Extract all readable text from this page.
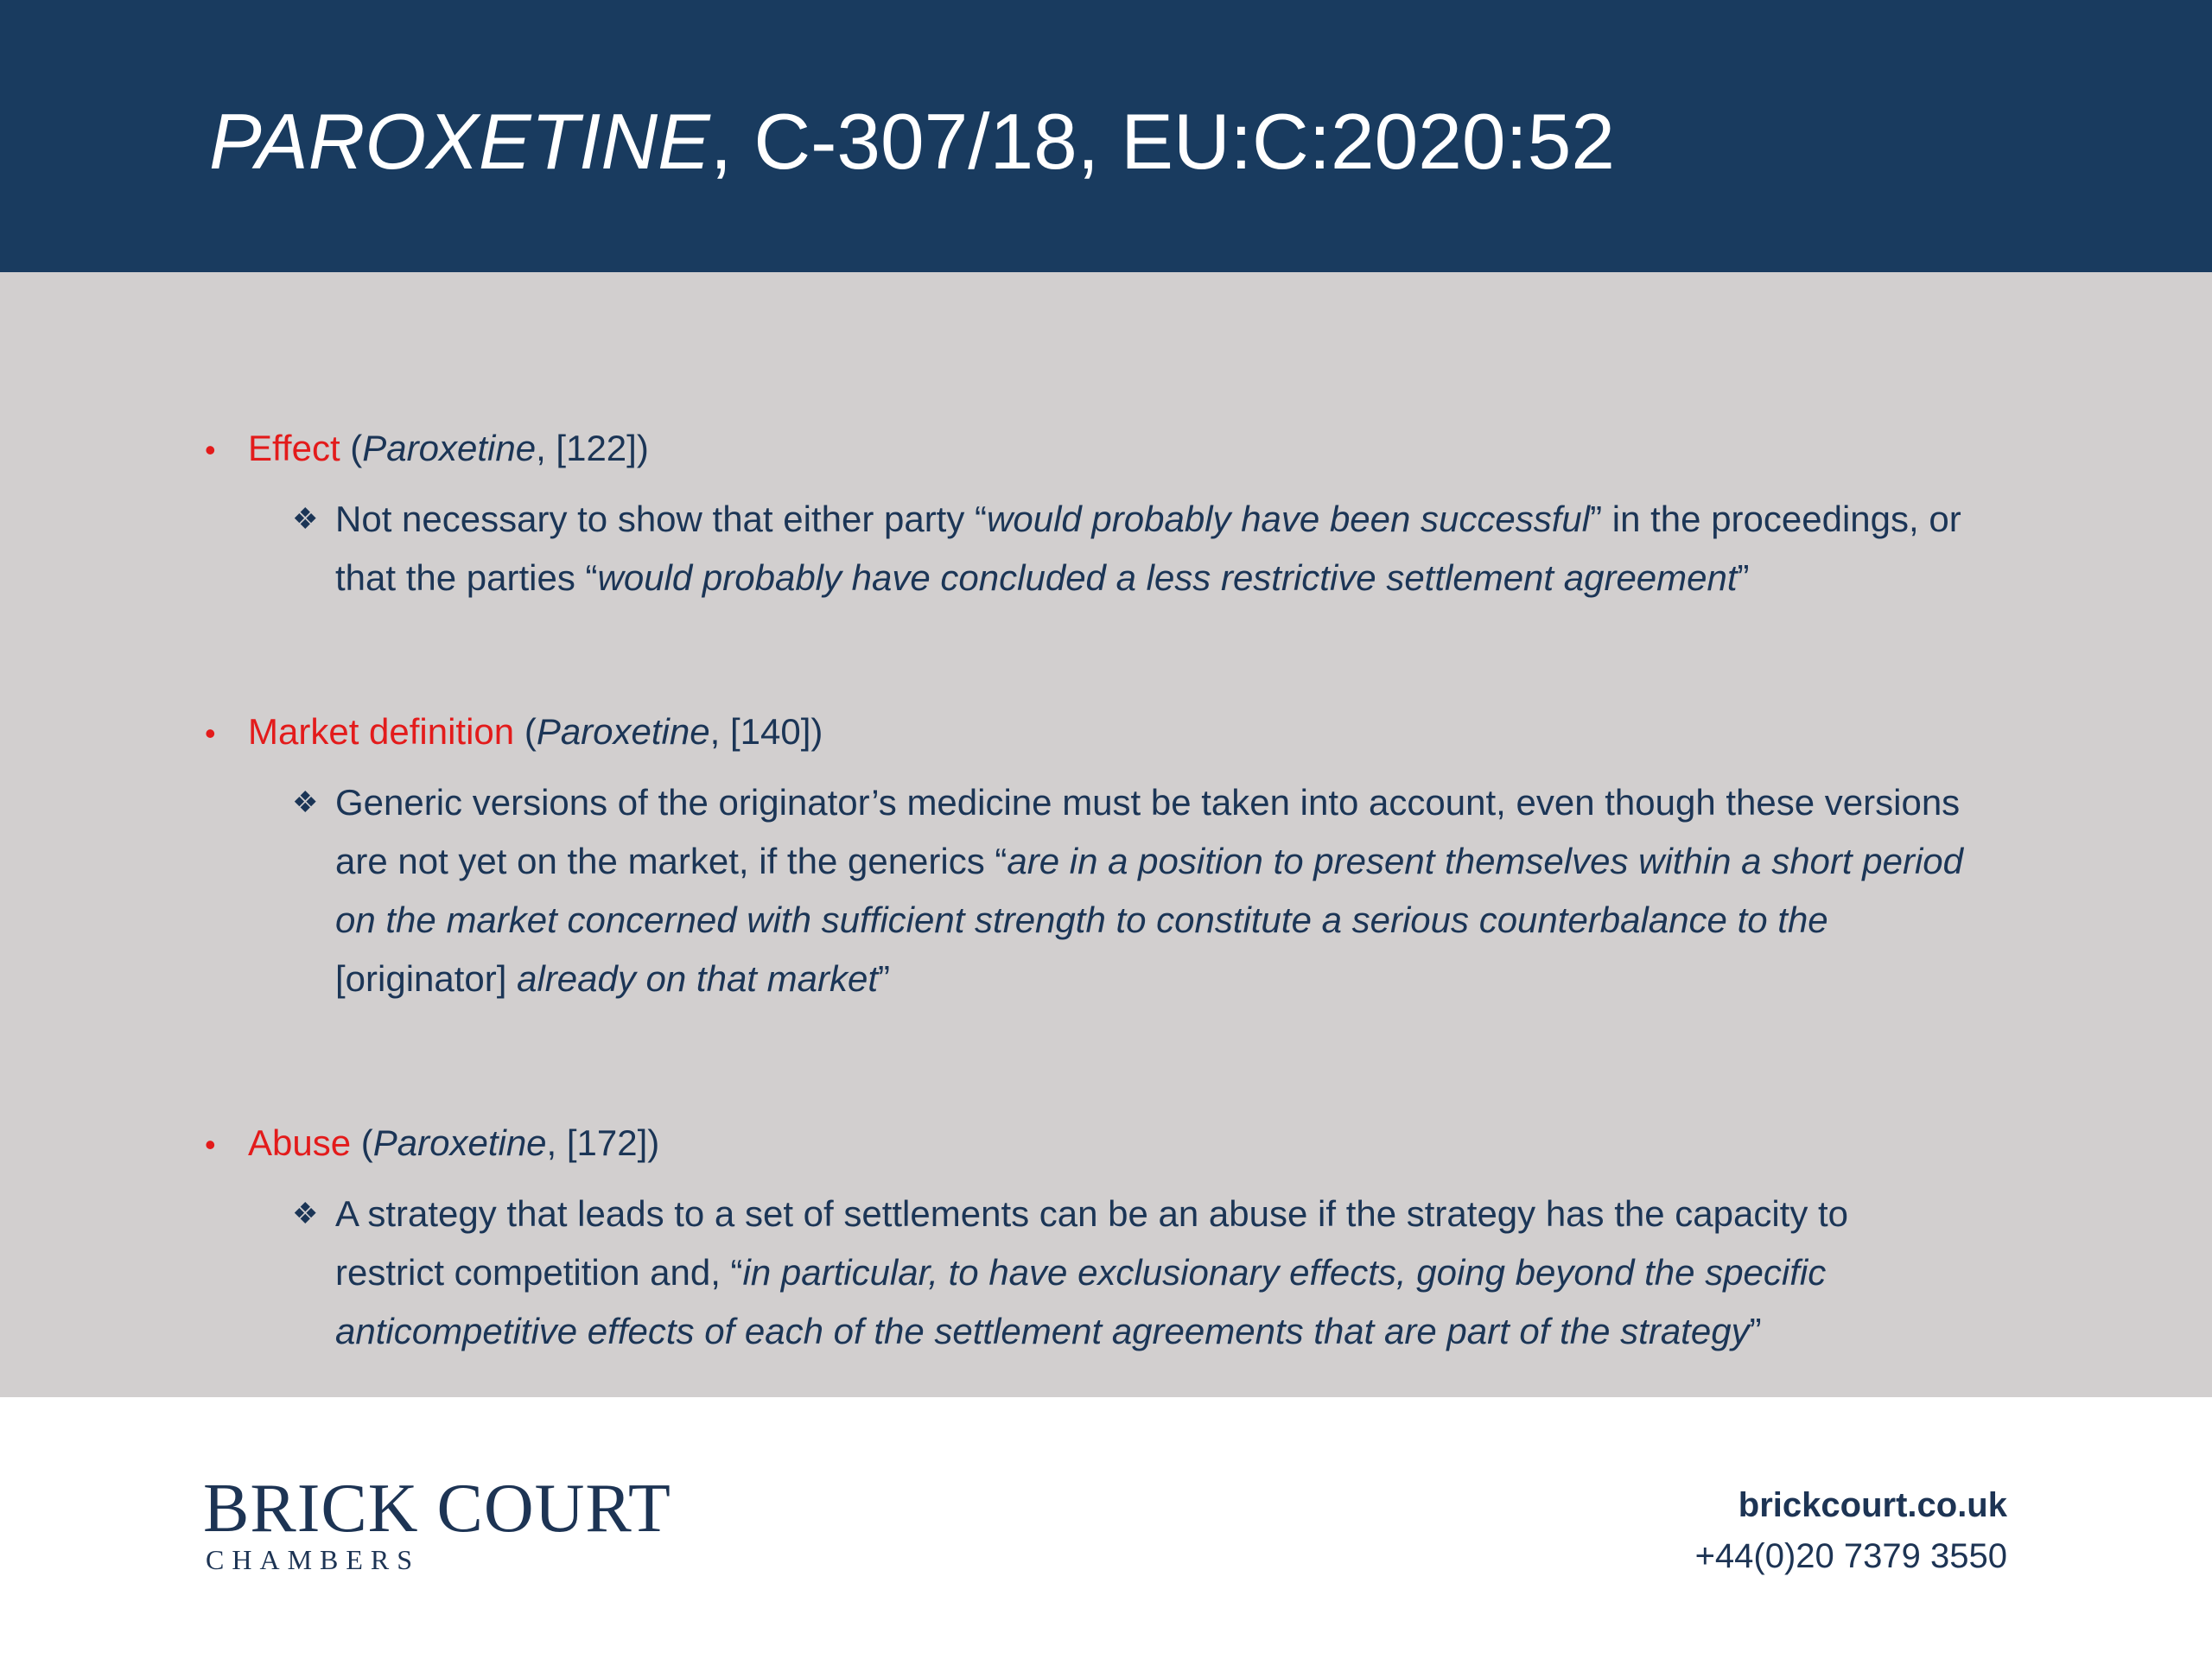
PAROXETINE, C-307/18, EU:C:2020:52
• Effect (Paroxetine, [122])
❖ Not necessary to show that either party “would probably have been successful” in the proceedings, or
that the parties “would probably have concluded a less restrictive settlement agreement”
• Market definition (Paroxetine, [140])
❖ Generic versions of the originator’s medicine must be taken into account, even though these versions
are not yet on the market, if the generics “are in a position to present themselves within a short period
on the market concerned with sufficient strength to constitute a serious counterbalance to the
[originator] already on that market”
• Abuse (Paroxetine, [172])
❖ A strategy that leads to a set of settlements can be an abuse if the strategy has the capacity to
restrict competition and, “in particular, to have exclusionary effects, going beyond the specific
anticompetitive effects of each of the settlement agreements that are part of the strategy”
BRICK COURT
CHAMBERS
brickcourt.co.uk
+44(0)20 7379 3550
